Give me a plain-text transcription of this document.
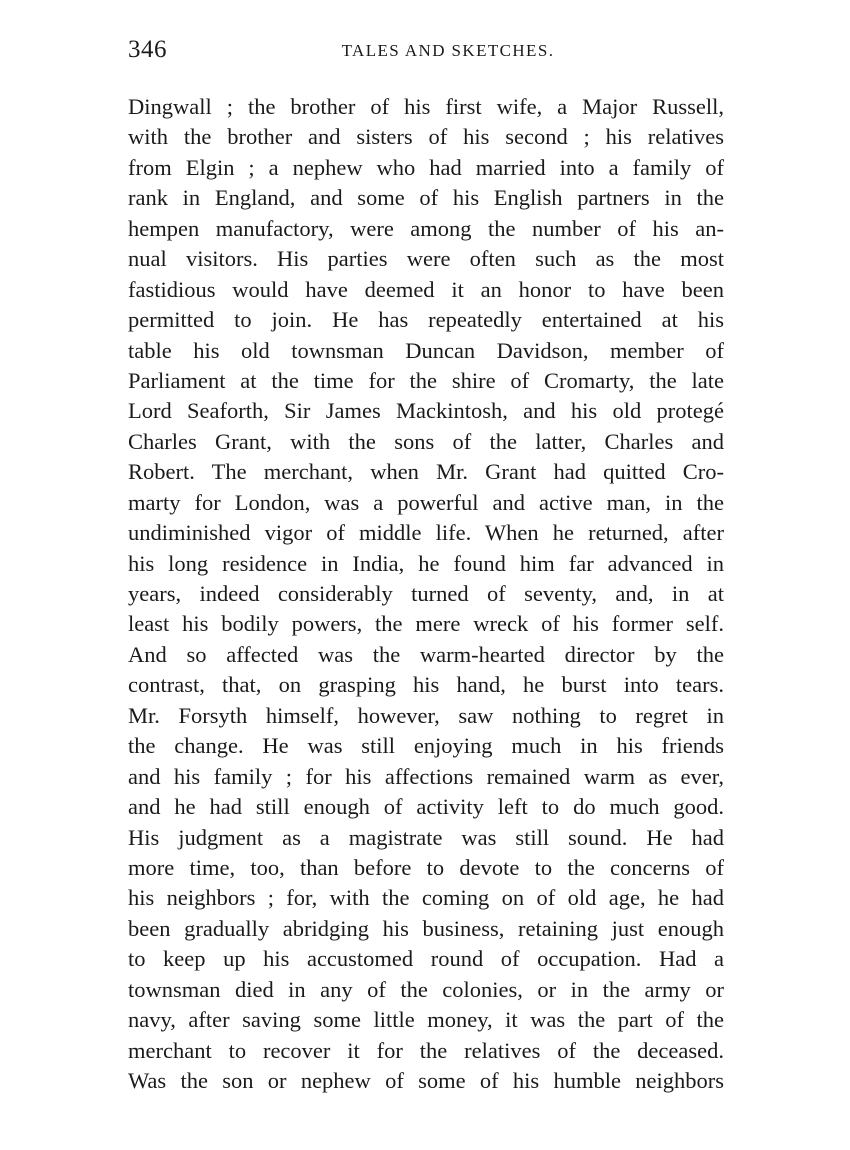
346	TALES AND SKETCHES.
Dingwall ; the brother of his first wife, a Major Russell,
with the brother and sisters of his second ; his relatives
from Elgin ; a nephew who had married into a family of
rank in England, and some of his English partners in the
hempen manufactory, were among the number of his an-
nual visitors. His parties were often such as the most
fastidious would have deemed it an honor to have been
permitted to join. He has repeatedly entertained at his
table his old townsman Duncan Davidson, member of
Parliament at the time for the shire of Cromarty, the late
Lord Seaforth, Sir James Mackintosh, and his old protegé
Charles Grant, with the sons of the latter, Charles and
Robert. The merchant, when Mr. Grant had quitted Cro-
marty for London, was a powerful and active man, in the
undiminished vigor of middle life. When he returned, after
his long residence in India, he found him far advanced in
years, indeed considerably turned of seventy, and, in at
least his bodily powers, the mere wreck of his former self.
And so affected was the warm-hearted director by the
contrast, that, on grasping his hand, he burst into tears.
Mr. Forsyth himself, however, saw nothing to regret in
the change. He was still enjoying much in his friends
and his family ; for his affections remained warm as ever,
and he had still enough of activity left to do much good.
His judgment as a magistrate was still sound. He had
more time, too, than before to devote to the concerns of
his neighbors ; for, with the coming on of old age, he had
been gradually abridging his business, retaining just enough
to keep up his accustomed round of occupation. Had a
townsman died in any of the colonies, or in the army or
navy, after saving some little money, it was the part of the
merchant to recover it for the relatives of the deceased.
Was the son or nephew of some of his humble neighbors
